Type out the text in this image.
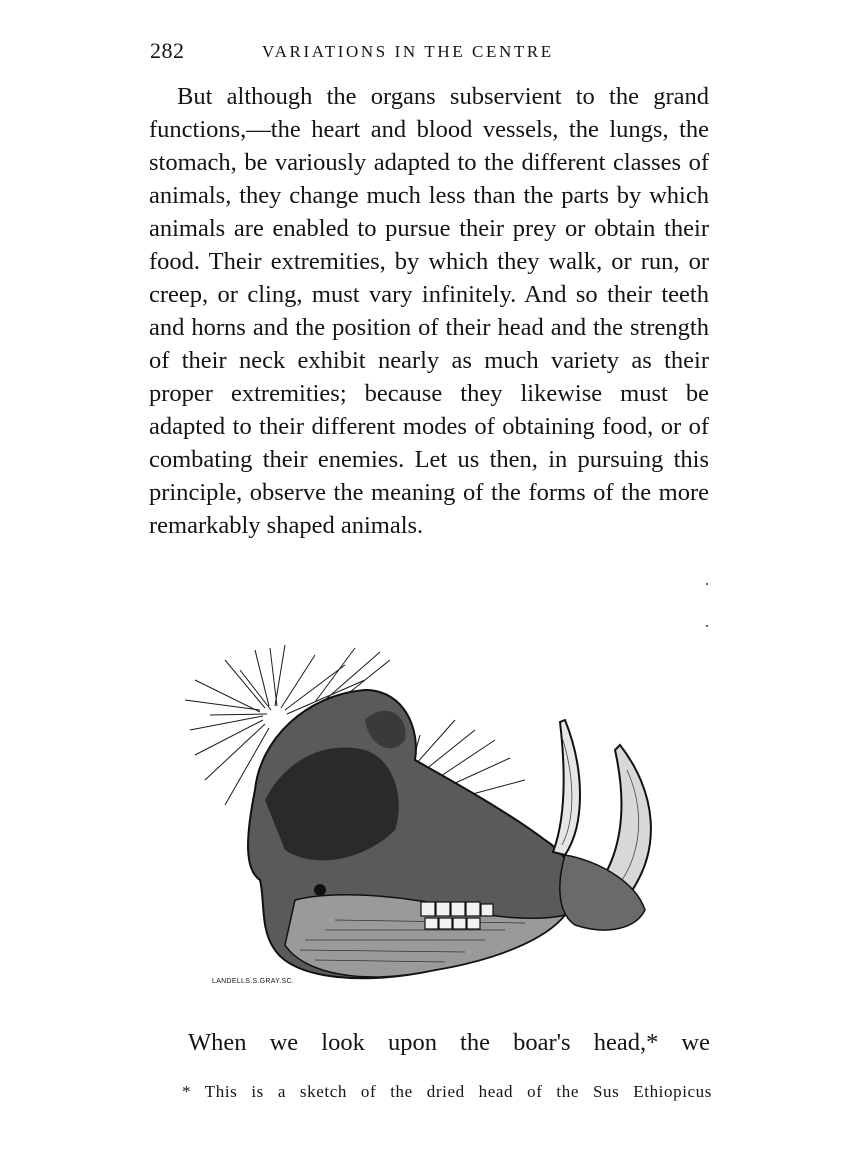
282	VARIATIONS IN THE CENTRE

But although the organs subservient to the grand functions,—the heart and blood vessels, the lungs, the stomach, be variously adapted to the different classes of animals, they change much less than the parts by which animals are enabled to pursue their prey or obtain their food. Their extremities, by which they walk, or run, or creep, or cling, must vary infinitely. And so their teeth and horns and the position of their head and the strength of their neck exhibit nearly as much variety as their proper extremities; because they likewise must be adapted to their different modes of obtaining food, or of combating their enemies. Let us then, in pursuing this principle, observe the meaning of the forms of the more remarkably shaped animals.

LANDELLS.S.GRAY.SC.

When we look upon the boar's head,* we

* This is a sketch of the dried head of the Sus Ethiopicus
